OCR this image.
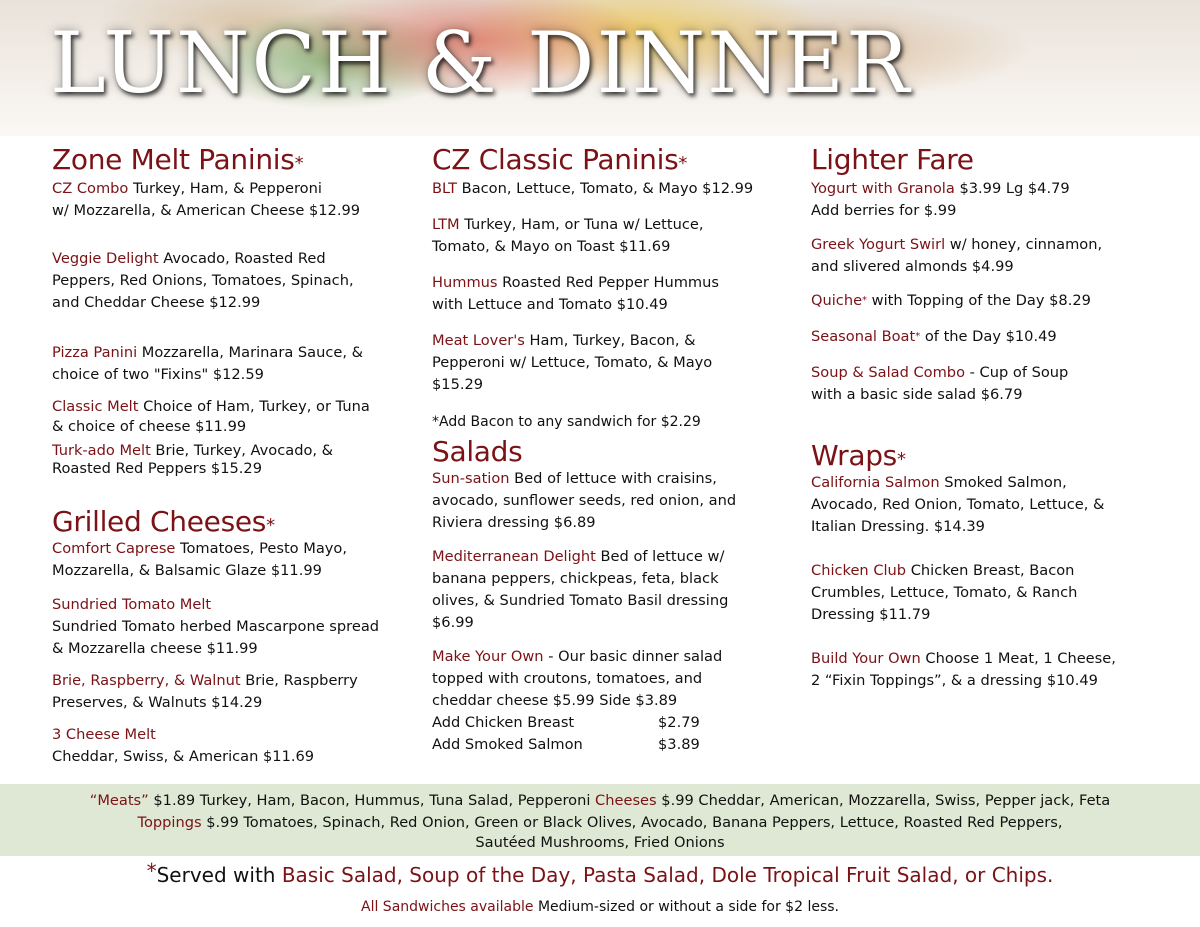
LUNCH & DINNER
Zone Melt Paninis*
CZ Combo Turkey, Ham, & Pepperoni
w/ Mozzarella, & American Cheese $12.99
Veggie Delight Avocado, Roasted Red
Peppers, Red Onions, Tomatoes, Spinach,
and Cheddar Cheese $12.99
Pizza Panini Mozzarella, Marinara Sauce, &
choice of two "Fixins" $12.59
Classic Melt Choice of Ham, Turkey, or Tuna
& choice of cheese $11.99
Turk-ado Melt Brie, Turkey, Avocado, &
Roasted Red Peppers $15.29
Grilled Cheeses*
Comfort Caprese Tomatoes, Pesto Mayo,
Mozzarella, & Balsamic Glaze $11.99
Sundried Tomato Melt
Sundried Tomato herbed Mascarpone spread
& Mozzarella cheese $11.99
Brie, Raspberry, & Walnut Brie, Raspberry
Preserves, & Walnuts $14.29
3 Cheese Melt
Cheddar, Swiss, & American $11.69
CZ Classic Paninis*
BLT Bacon, Lettuce, Tomato, & Mayo $12.99
LTM Turkey, Ham, or Tuna w/ Lettuce,
Tomato, & Mayo on Toast $11.69
Hummus Roasted Red Pepper Hummus
with Lettuce and Tomato $10.49
Meat Lover's Ham, Turkey, Bacon, &
Pepperoni w/ Lettuce, Tomato, & Mayo
$15.29
*Add Bacon to any sandwich for $2.29
Salads
Sun-sation Bed of lettuce with craisins,
avocado, sunflower seeds, red onion, and
Riviera dressing $6.89
Mediterranean Delight Bed of lettuce w/
banana peppers, chickpeas, feta, black
olives, & Sundried Tomato Basil dressing
$6.99
Make Your Own - Our basic dinner salad
topped with croutons, tomatoes, and
cheddar cheese $5.99 Side $3.89
Add Chicken Breast	$2.79
Add Smoked Salmon	$3.89
Lighter Fare
Yogurt with Granola $3.99 Lg $4.79
Add berries for $.99
Greek Yogurt Swirl w/ honey, cinnamon,
and slivered almonds $4.99
Quiche* with Topping of the Day $8.29
Seasonal Boat* of the Day $10.49
Soup & Salad Combo - Cup of Soup
with a basic side salad $6.79
Wraps*
California Salmon Smoked Salmon,
Avocado, Red Onion, Tomato, Lettuce, &
Italian Dressing. $14.39
Chicken Club Chicken Breast, Bacon
Crumbles, Lettuce, Tomato, & Ranch
Dressing $11.79
Build Your Own Choose 1 Meat, 1 Cheese,
2 “Fixin Toppings”, & a dressing $10.49
“Meats” $1.89 Turkey, Ham, Bacon, Hummus, Tuna Salad, Pepperoni Cheeses $.99 Cheddar, American, Mozzarella, Swiss, Pepper jack, Feta
Toppings $.99 Tomatoes, Spinach, Red Onion, Green or Black Olives, Avocado, Banana Peppers, Lettuce, Roasted Red Peppers,
Sautéed Mushrooms, Fried Onions
*Served with Basic Salad, Soup of the Day, Pasta Salad, Dole Tropical Fruit Salad, or Chips.
All Sandwiches available Medium-sized or without a side for $2 less.
